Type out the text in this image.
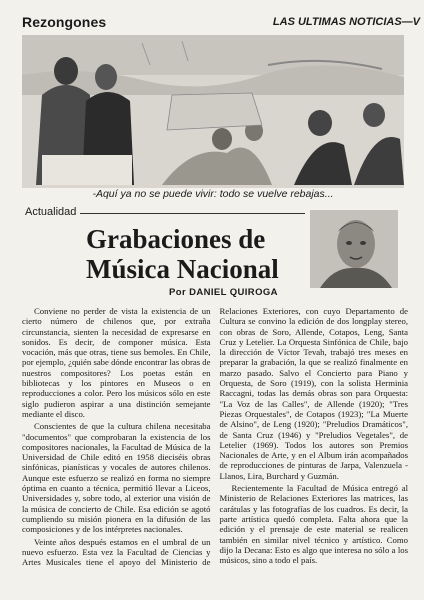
Rezongones	LAS ULTIMAS NOTICIAS—V
-Aquí ya no se puede vivir: todo se vuelve rebajas...
Actualidad
Grabaciones de
Música Nacional
Por DANIEL QUIROGA

Conviene no perder de vista la existencia de un cierto número de chilenos que, por extraña circunstancia, sienten la necesidad de expresarse en sonidos. Es decir, de componer música. Esta vocación, más que otras, tiene sus bemoles. En Chile, por ejemplo, ¿quién sabe dónde encontrar las obras de nuestros compositores? Los poetas están en bibliotecas y los pintores en Museos o en reproducciones a color. Pero los músicos sólo en este siglo pudieron aspirar a una distinción semejante mediante el disco.

Conscientes de que la cultura chilena necesitaba "documentos" que comprobaran la existencia de los compositores nacionales, la Facultad de Música de la Universidad de Chile editó en 1958 dieciséis obras sinfónicas, pianísticas y vocales de autores chilenos. Aunque este esfuerzo se realizó en forma no siempre óptima en cuanto a técnica, permitió llevar a Liceos, Universidades y, sobre todo, al exterior una visión de la música de concierto de Chile. Esa edición se agotó cumpliendo su misión pionera en la difusión de las composiciones y de los intérpretes nacionales.

Veinte años después estamos en el umbral de un nuevo esfuerzo. Esta vez la Facultad de Ciencias y Artes Musicales tiene el apoyo del Ministerio de Relaciones Exteriores, con cuyo Departamento de Cultura se convino la edición de dos longplay stereo, con obras de Soro, Allende, Cotapos, Leng, Santa Cruz y Letelier. La Orquesta Sinfónica de Chile, bajo la dirección de Víctor Tevah, trabajó tres meses en preparar la grabación, la que se realizó finalmente en marzo pasado. Salvo el Concierto para Piano y Orquesta, de Soro (1919), con la solista Herminia Raccagni, todas las demás obras son para Orquesta: "La Voz de las Calles", de Allende (1920); "Tres Piezas Orquestales", de Cotapos (1923); "La Muerte de Alsino", de Leng (1920); "Preludios Dramáticos", de Santa Cruz (1946) y "Preludios Vegetales", de Letelier (1969). Todos los autores son Premios Nacionales de Arte, y en el Album irán acompañados de reproducciones de pinturas de Jarpa, Valenzuela - Llanos, Lira, Burchard y Guzmán.

Recientemente la Facultad de Música entregó al Ministerio de Relaciones Exteriores las matrices, las carátulas y las fotografías de los cuadros. Es decir, la parte artística quedó completa. Falta ahora que la edición y el prensaje de este material se realicen también en similar nivel técnico y artístico. Como dijo la Decana: Esto es algo que interesa no sólo a los músicos, sino a todo el país.
